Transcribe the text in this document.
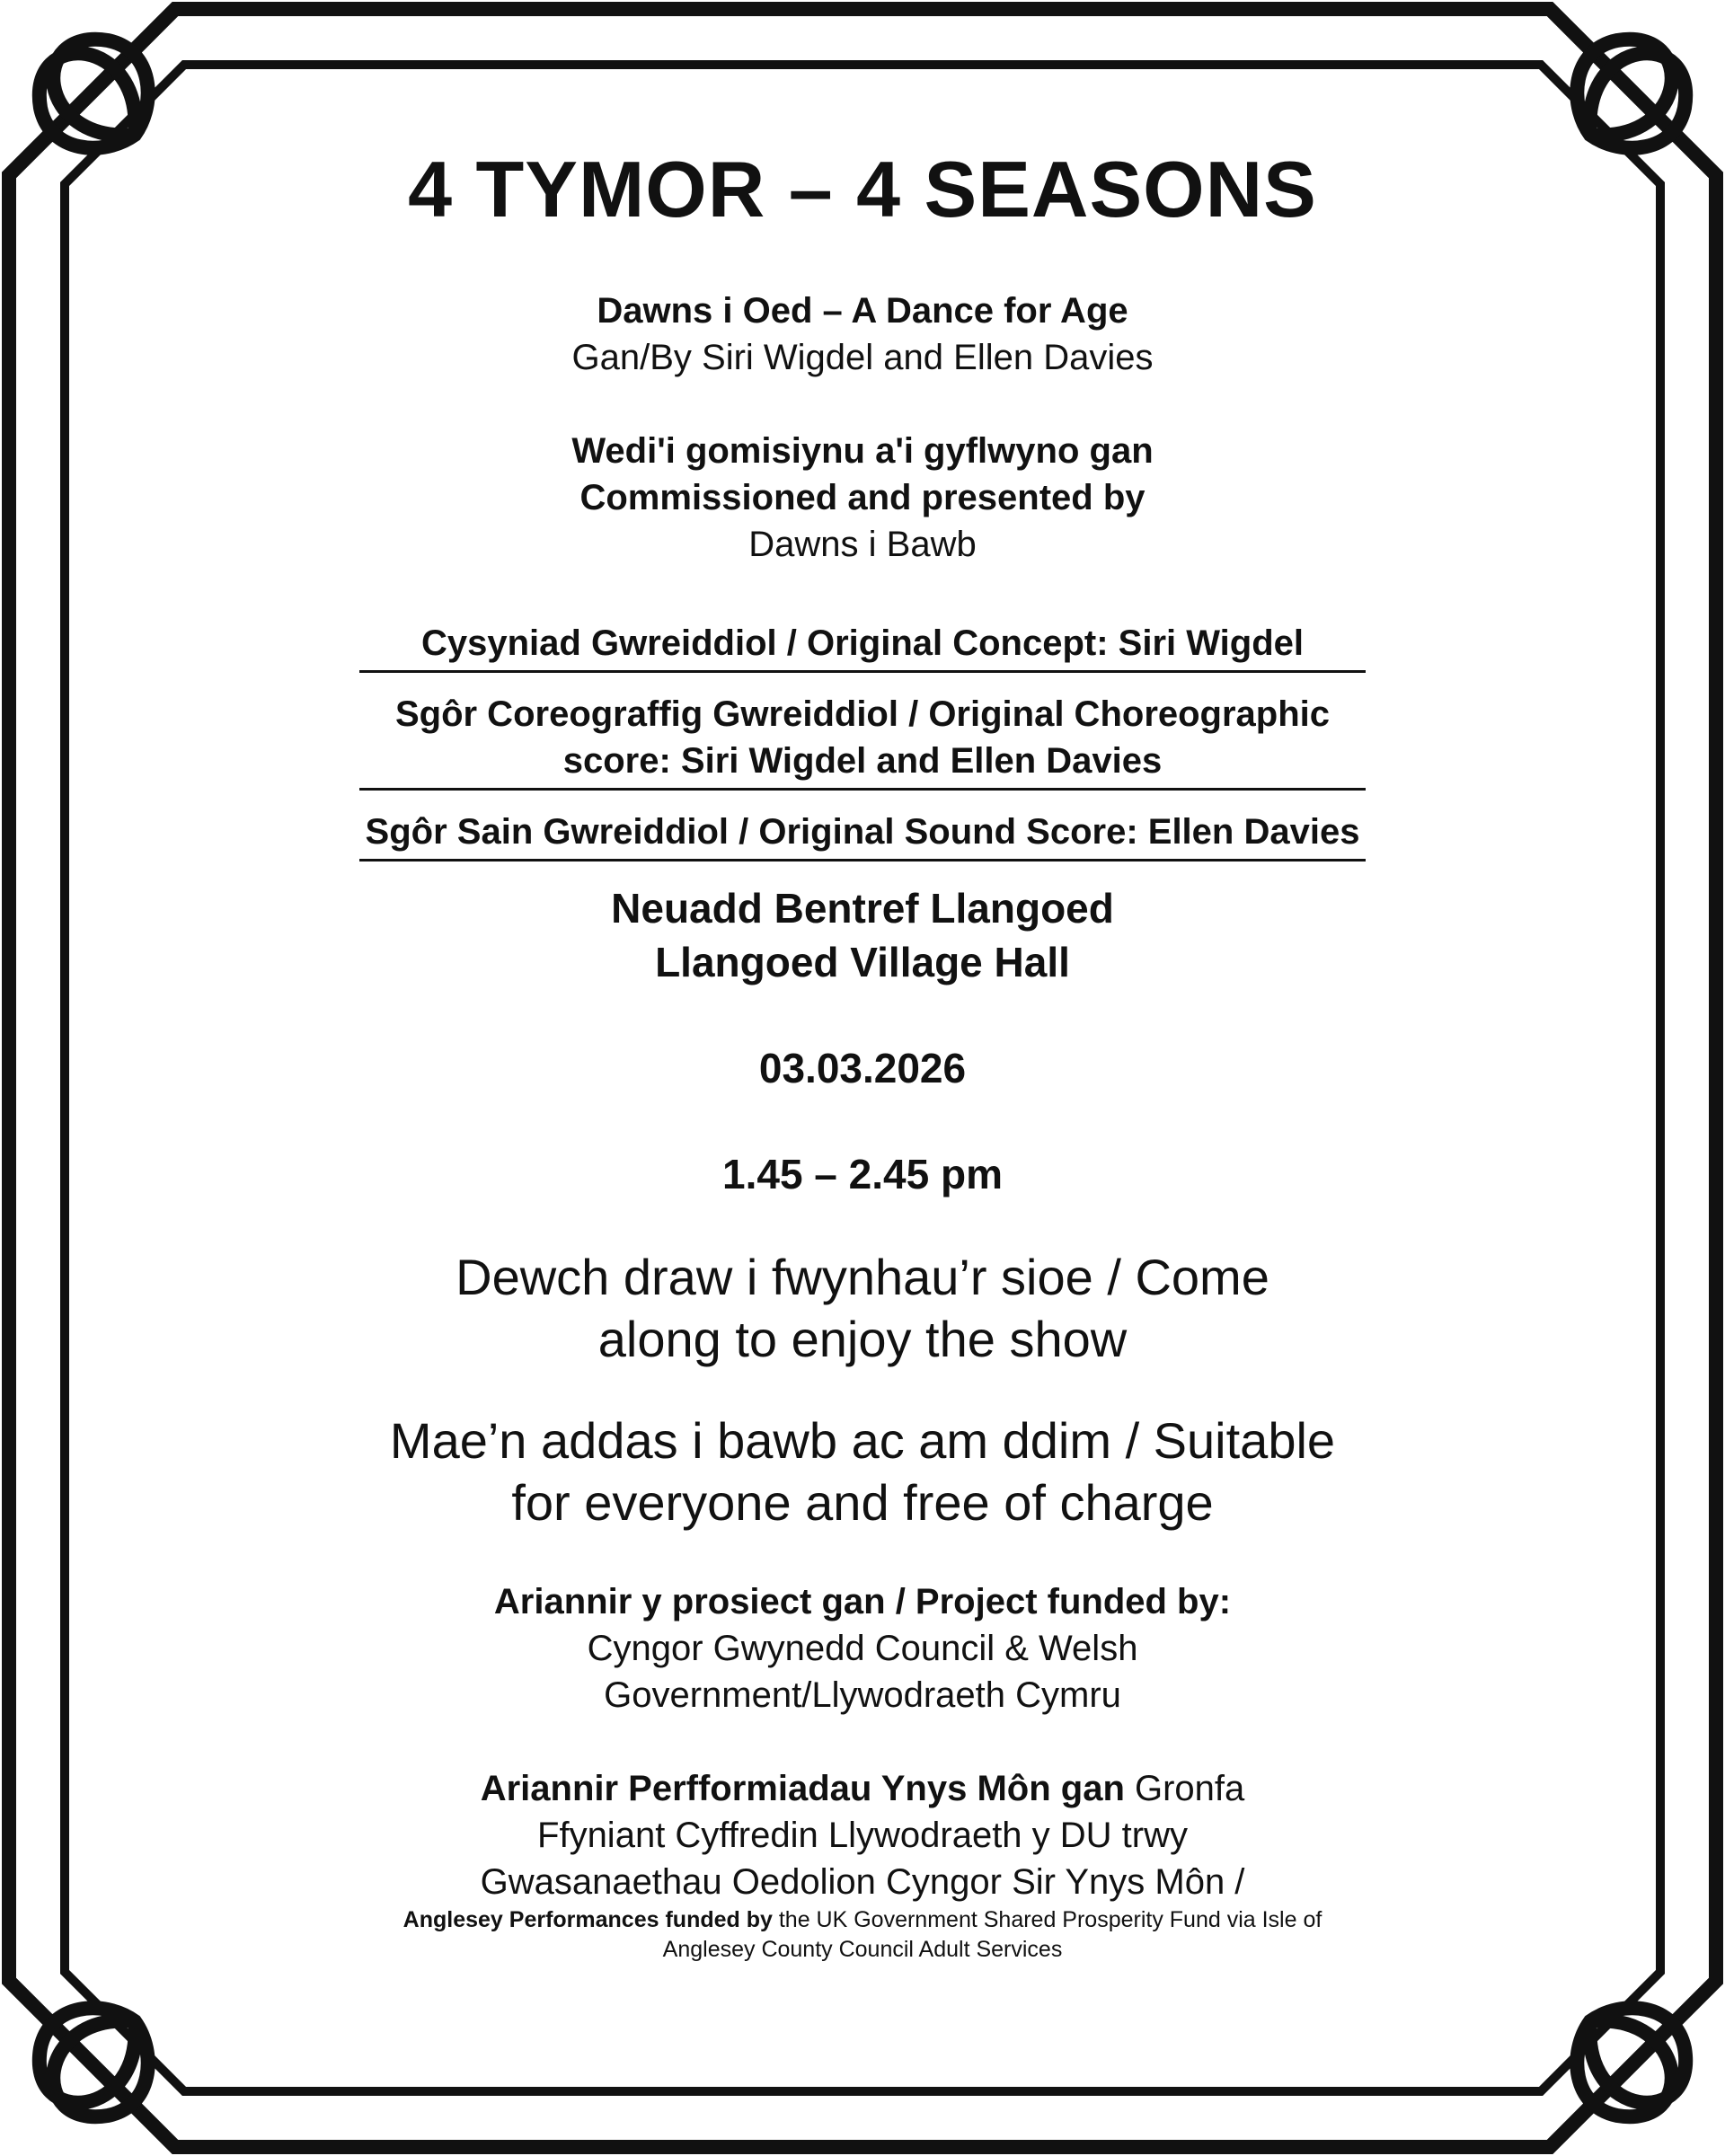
4 TYMOR – 4 SEASONS

Dawns i Oed – A Dance for Age

Gan/By Siri Wigdel and Ellen Davies

Wedi'i gomisiynu a'i gyflwyno gan

Commissioned and presented by

Dawns i Bawb

Cysyniad Gwreiddiol / Original Concept: Siri Wigdel

Sgôr Coreograffig Gwreiddiol / Original Choreographic score: Siri Wigdel and Ellen Davies

Sgôr Sain Gwreiddiol / Original Sound Score: Ellen Davies

Neuadd Bentref Llangoed

Llangoed Village Hall

03.03.2026

1.45 – 2.45 pm

Dewch draw i fwynhau’r sioe / Come along to enjoy the show

Mae’n addas i bawb ac am ddim / Suitable for everyone and free of charge

Ariannir y prosiect gan / Project funded by:

Cyngor Gwynedd Council & Welsh Government/Llywodraeth Cymru

Ariannir Perfformiadau Ynys Môn gan Gronfa Ffyniant Cyffredin Llywodraeth y DU trwy Gwasanaethau Oedolion Cyngor Sir Ynys Môn /

Anglesey Performances funded by the UK Government Shared Prosperity Fund via Isle of Anglesey County Council Adult Services
